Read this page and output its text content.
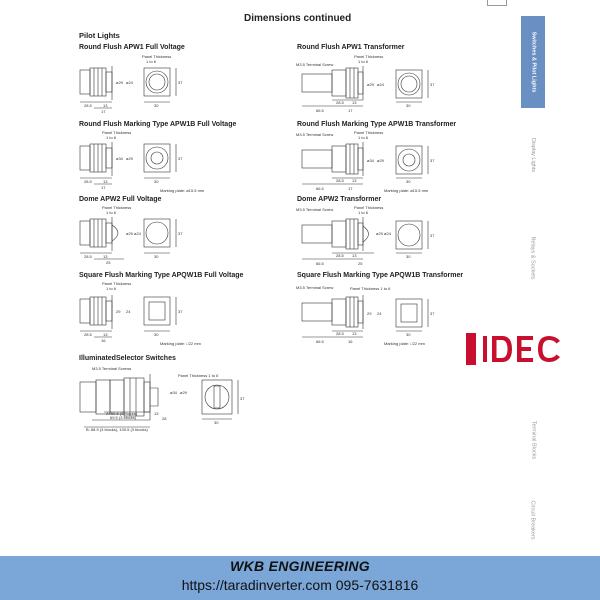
Dimensions continued
Pilot Lights
Round Flush APW1 Full Voltage	Round Flush APW1 Transformer
Round Flush Marking Type APW1B Full Voltage	Round Flush Marking Type APW1B Transformer
Dome APW2 Full Voltage	Dome APW2 Transformer
Square Flush Marking Type APQW1B Full Voltage	Square Flush Marking Type APQW1B Transformer
IlluminatedSelector Switches
Panel Thickness
1 to 6
28.5	13
17
ø29 ø24	37
30
M3.5 Terminal Screw
Panel Thickness
1 to 6
28.5 13
66.5	17
ø29 ø24	37
30
Panel Thickness
1 to 6
28.5	13
17
ø34 ø29	37
30
Marking plate: ø15.5 mm
M3.5 Terminal Screw	Panel Thickness
1 to 6
28.5 13
66.5	17
ø34 ø29	37
30
Marking plate: ø15.5 mm
Panel Thickness
1 to 6
28.5	13
25
ø29 ø24	37
30
M3.5 Terminal Screw	Panel Thickness
1 to 6
28.5 13
66.5	25
ø29 ø24	37
30
Panel Thickness
1 to 6
28.5	13
16
29 24	37
30
Marking plate: □22 mm
M3.5 Terminal Screw	Panel Thickness 1 to 6
28.5 13
66.5	16
29 24	37
30
Marking plate: □22 mm
M3.5 Terminal Screws
Panel Thickness 1 to 6
A: 50.5 (2 blocks)
69.5 (3 blocks)
B: 88.5 (3 blocks), 109.5 (3 blocks)
13
28
ø34 ø29
37
30
Switches & Pilot Lights
Display Lights
Relays & Sockets
Terminal Blocks
Circuit Breakers
WKB ENGINEERING
https://taradinverter.com 095-7631816
